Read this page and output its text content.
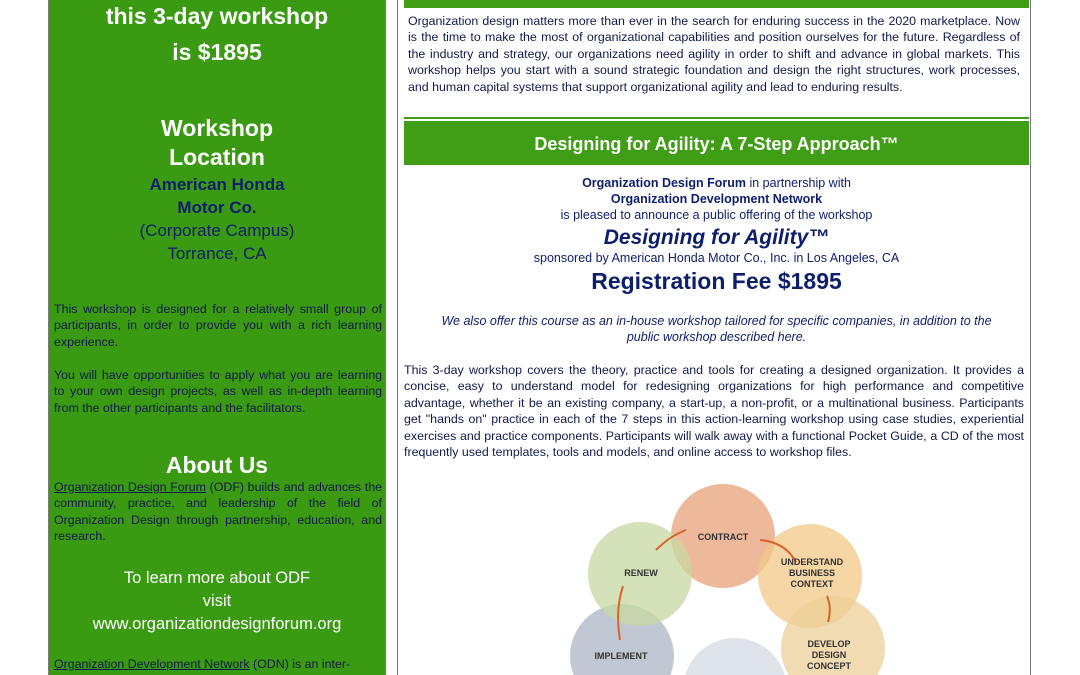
this 3-day workshop
is $1895
Workshop
Location
American Honda
Motor Co.
(Corporate Campus)
Torrance, CA
This workshop is designed for a relatively small group of participants, in order to provide you with a rich learning experience.
You will have opportunities to apply what you are learning to your own design projects, as well as in-depth learning from the other participants and the facilitators.
About Us
Organization Design Forum (ODF) builds and advances the community, practice, and leadership of the field of Organization Design through partnership, education, and research.
To learn more about ODF
visit
www.organizationdesignforum.org
Organization Development Network (ODN) is an inter-
Organization design matters more than ever in the search for enduring success in the 2020 marketplace. Now is the time to make the most of organizational capabilities and position ourselves for the future. Regardless of the industry and strategy, our organizations need agility in order to shift and advance in global markets. This workshop helps you start with a sound strategic foundation and design the right structures, work processes, and human capital systems that support organizational agility and lead to enduring results.
Designing for Agility: A 7-Step Approach™
Organization Design Forum in partnership with
Organization Development Network
is pleased to announce a public offering of the workshop
Designing for Agility™
sponsored by American Honda Motor Co., Inc. in Los Angeles, CA
Registration Fee $1895
We also offer this course as an in-house workshop tailored for specific companies, in addition to the
public workshop described here.
This 3-day workshop covers the theory, practice and tools for creating a designed organization. It provides a concise, easy to understand model for redesigning organizations for high performance and competitive advantage, whether it be an existing company, a start-up, a non-profit, or a multinational business. Participants get "hands on" practice in each of the 7 steps in this action-learning workshop using case studies, experiential exercises and practice components. Participants will walk away with a functional Pocket Guide, a CD of the most frequently used templates, tools and models, and online access to workshop files.
CONTRACT
UNDERSTAND
BUSINESS
CONTEXT
DEVELOP
DESIGN
CONCEPT
IMPLEMENT
RENEW
